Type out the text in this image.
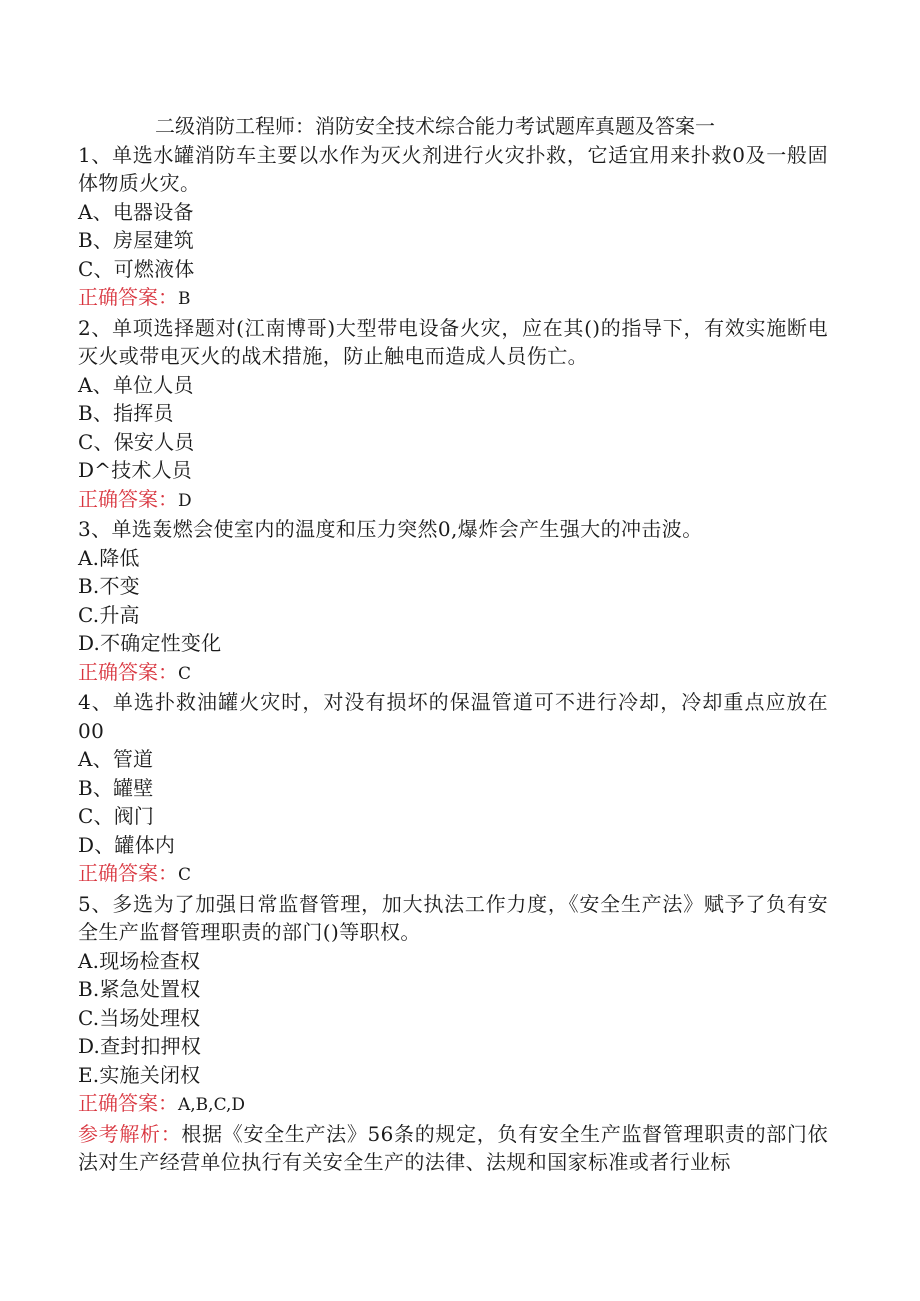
二级消防工程师：消防安全技术综合能力考试题库真题及答案一

1、单选水罐消防车主要以水作为灭火剂进行火灾扑救，它适宜用来扑救0及一般固体物质火灾。

A、电器设备

B、房屋建筑

C、可燃液体

正确答案：B

2、单项选择题对(江南博哥)大型带电设备火灾，应在其()的指导下，有效实施断电灭火或带电灭火的战术措施，防止触电而造成人员伤亡。

A、单位人员

B、指挥员

C、保安人员

D^技术人员

正确答案：D

3、单选轰燃会使室内的温度和压力突然0,爆炸会产生强大的冲击波。

A.降低

B.不变

C.升高

D.不确定性变化

正确答案：C

4、单选扑救油罐火灾时，对没有损坏的保温管道可不进行冷却，冷却重点应放在00

A、管道

B、罐壁

C、阀门

D、罐体内

正确答案：C

5、多选为了加强日常监督管理，加大执法工作力度，《安全生产法》赋予了负有安全生产监督管理职责的部门()等职权。

A.现场检查权

B.紧急处置权

C.当场处理权

D.查封扣押权

E.实施关闭权

正确答案：A,B,C,D

参考解析：根据《安全生产法》56条的规定，负有安全生产监督管理职责的部门依法对生产经营单位执行有关安全生产的法律、法规和国家标准或者行业标
